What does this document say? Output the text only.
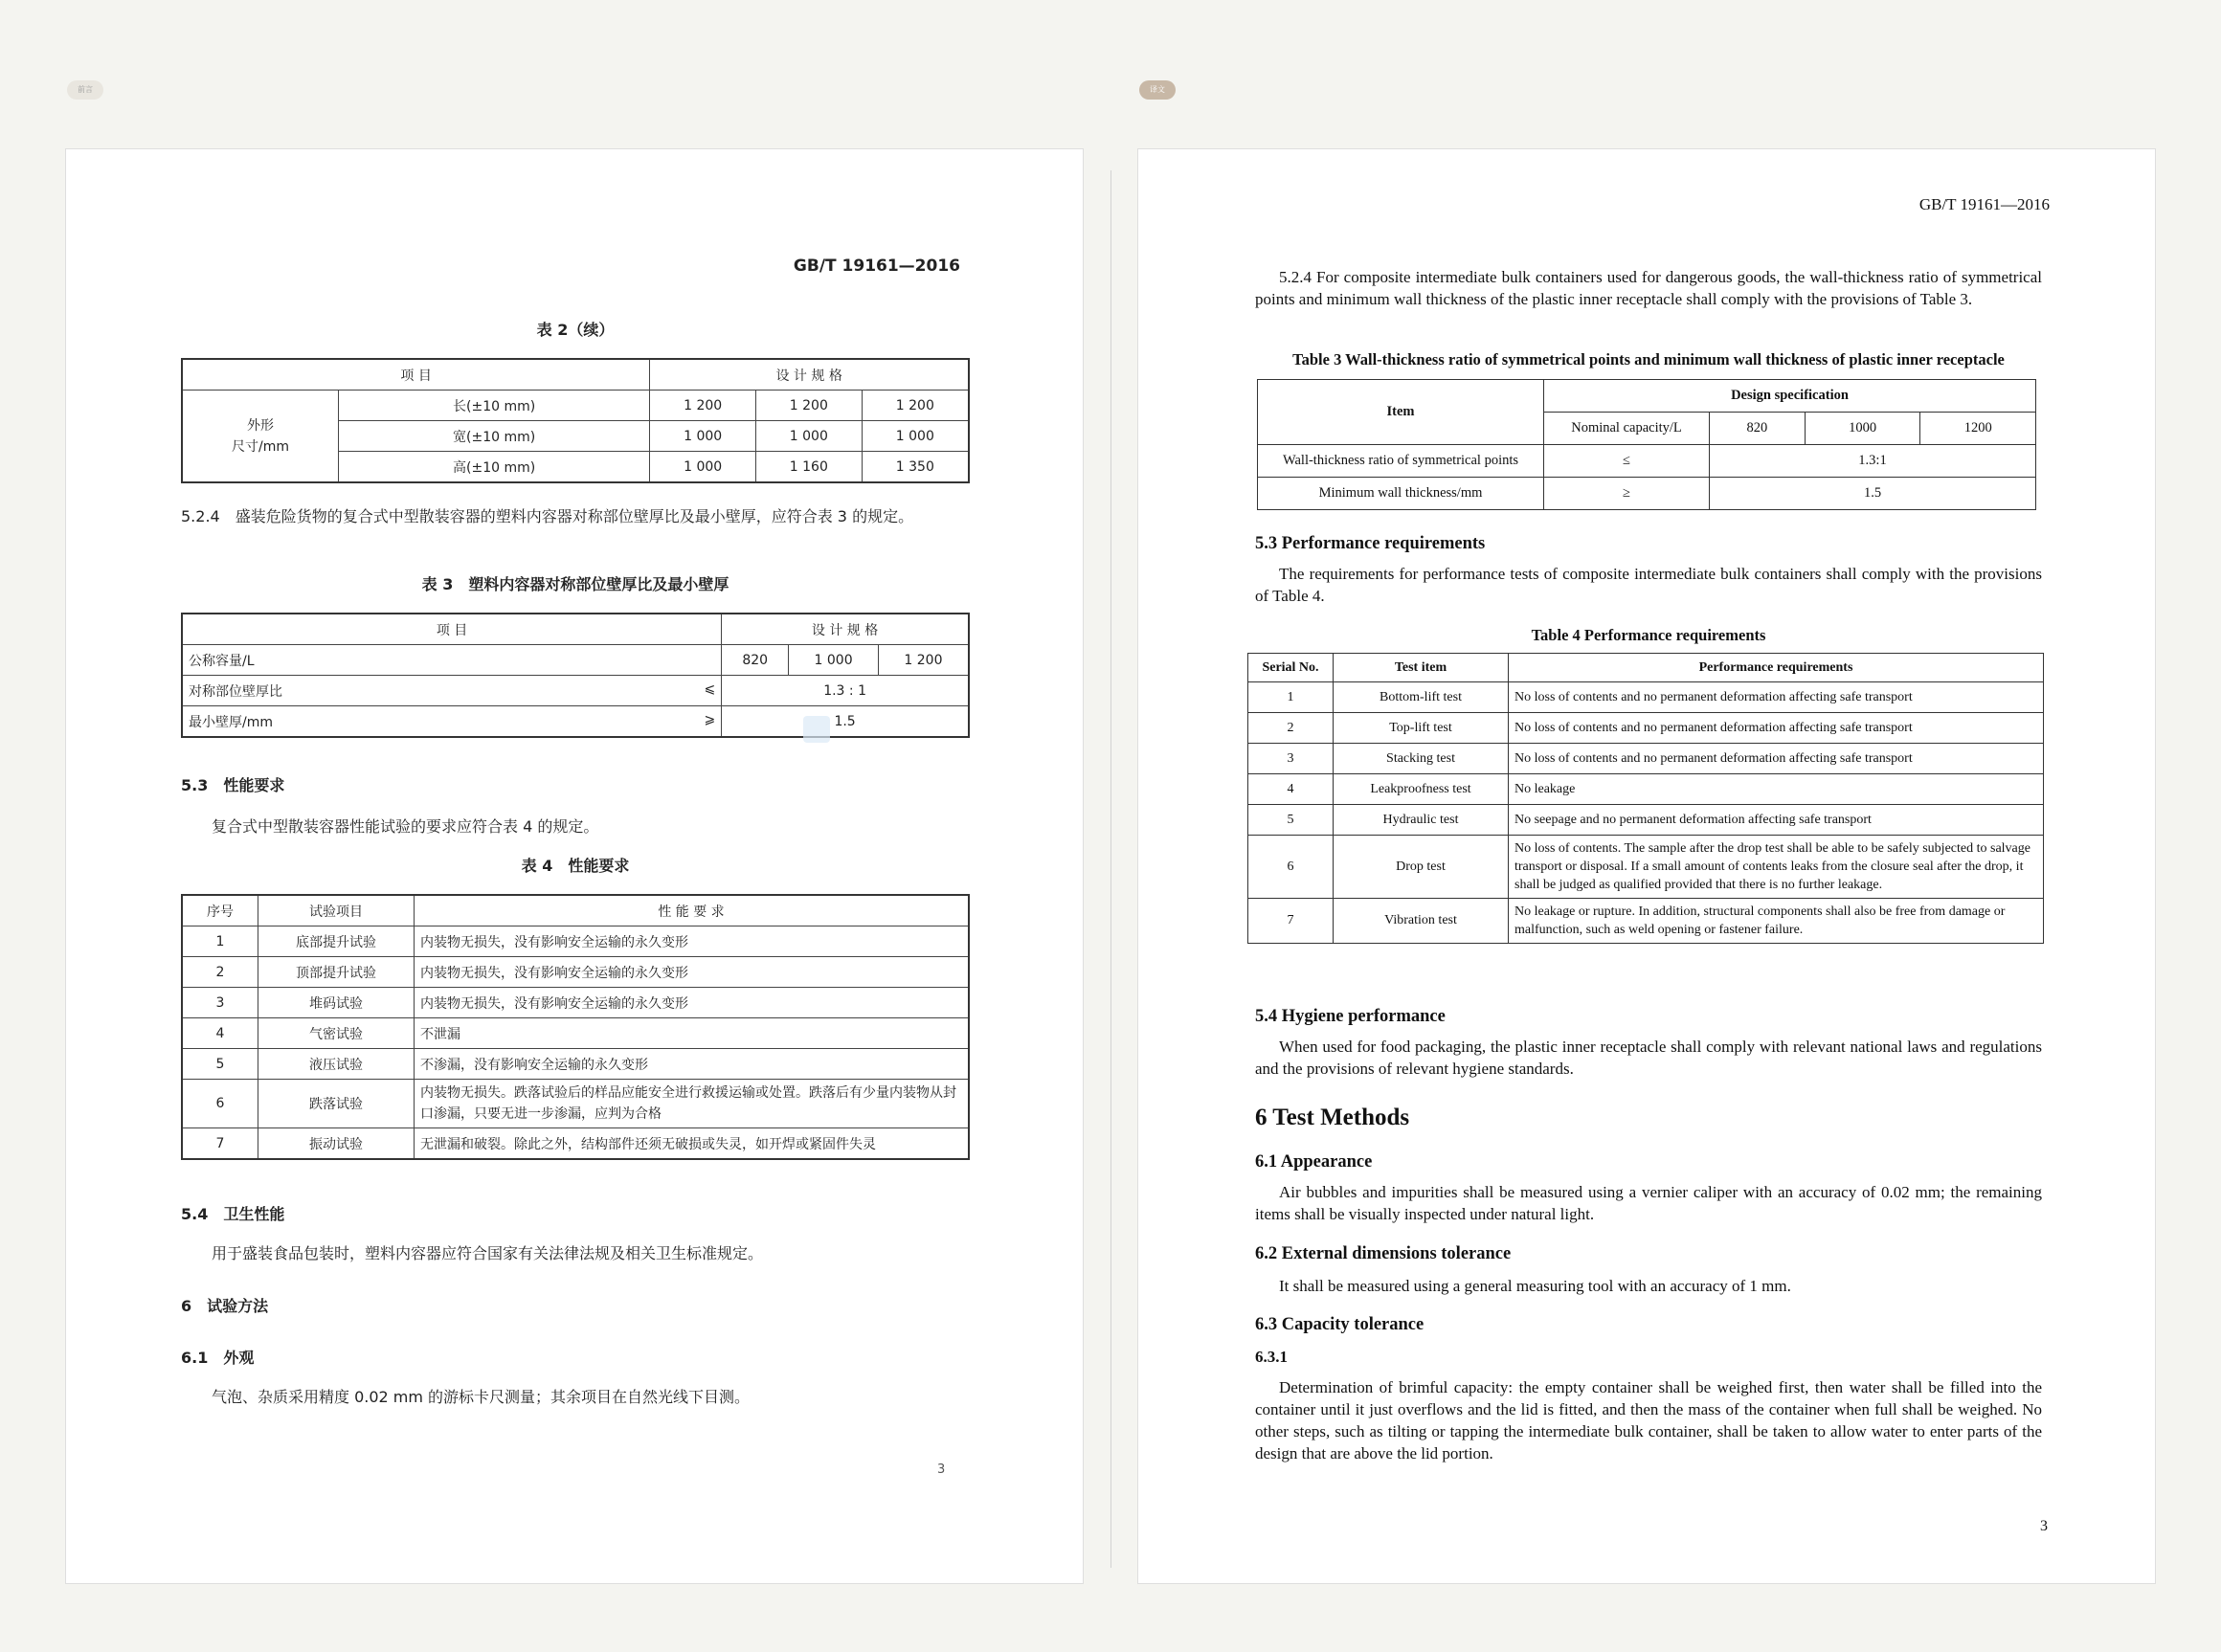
前言	译文
GB/T 19161—2016
表 2（续）
项 目		设 计 规 格		

外形
尺寸/mm	长(±10 mm)	1 200	1 200	1 200
	宽(±10 mm)	1 000	1 000	1 000
	高(±10 mm)	1 000	1 160	1 350
5.2.4　盛装危险货物的复合式中型散装容器的塑料内容器对称部位壁厚比及最小壁厚，应符合表 3 的规定。
表 3　塑料内容器对称部位壁厚比及最小壁厚
项 目	设 计 规 格		
公称容量/L	820	1 000	1 200
对称部位壁厚比 ⩽	1.3 : 1		
最小壁厚/mm ⩾	1.5		
5.3　性能要求
复合式中型散装容器性能试验的要求应符合表 4 的规定。
表 4　性能要求
序号	试验项目	性 能 要 求
1	底部提升试验	内装物无损失，没有影响安全运输的永久变形
2	顶部提升试验	内装物无损失，没有影响安全运输的永久变形
3	堆码试验	内装物无损失，没有影响安全运输的永久变形
4	气密试验	不泄漏
5	液压试验	不渗漏，没有影响安全运输的永久变形
6	跌落试验	内装物无损失。跌落试验后的样品应能安全进行救援运输或处置。跌落后有少量内装物从封口渗漏，只要无进一步渗漏，应判为合格
7	振动试验	无泄漏和破裂。除此之外，结构部件还须无破损或失灵，如开焊或紧固件失灵
5.4　卫生性能
用于盛装食品包装时，塑料内容器应符合国家有关法律法规及相关卫生标准规定。
6　试验方法
6.1　外观
气泡、杂质采用精度 0.02 mm 的游标卡尺测量；其余项目在自然光线下目测。
3
GB/T 19161—2016
5.2.4 For composite intermediate bulk containers used for dangerous goods, the wall-thickness ratio of symmetrical points and minimum wall thickness of the plastic inner receptacle shall comply with the provisions of Table 3.
Table 3 Wall-thickness ratio of symmetrical points and minimum wall thickness of plastic inner receptacle
Item	Design specification			
	Nominal capacity/L	820	1000	1200
Wall-thickness ratio of symmetrical points	≤	1.3:1		
Minimum wall thickness/mm	≥	1.5		
5.3 Performance requirements
The requirements for performance tests of composite intermediate bulk containers shall comply with the provisions of Table 4.
Table 4 Performance requirements
Serial No.	Test item	Performance requirements
1	Bottom-lift test	No loss of contents and no permanent deformation affecting safe transport
2	Top-lift test	No loss of contents and no permanent deformation affecting safe transport
3	Stacking test	No loss of contents and no permanent deformation affecting safe transport
4	Leakproofness test	No leakage
5	Hydraulic test	No seepage and no permanent deformation affecting safe transport
6	Drop test	No loss of contents. The sample after the drop test shall be able to be safely subjected to salvage transport or disposal. If a small amount of contents leaks from the closure seal after the drop, it shall be judged as qualified provided that there is no further leakage.
7	Vibration test	No leakage or rupture. In addition, structural components shall also be free from damage or malfunction, such as weld opening or fastener failure.
5.4 Hygiene performance
When used for food packaging, the plastic inner receptacle shall comply with relevant national laws and regulations and the provisions of relevant hygiene standards.
6 Test Methods
6.1 Appearance
Air bubbles and impurities shall be measured using a vernier caliper with an accuracy of 0.02 mm; the remaining items shall be visually inspected under natural light.
6.2 External dimensions tolerance
It shall be measured using a general measuring tool with an accuracy of 1 mm.
6.3 Capacity tolerance
6.3.1
Determination of brimful capacity: the empty container shall be weighed first, then water shall be filled into the container until it just overflows and the lid is fitted, and then the mass of the container when full shall be weighed. No other steps, such as tilting or tapping the intermediate bulk container, shall be taken to allow water to enter parts of the design that are above the lid portion.
3
